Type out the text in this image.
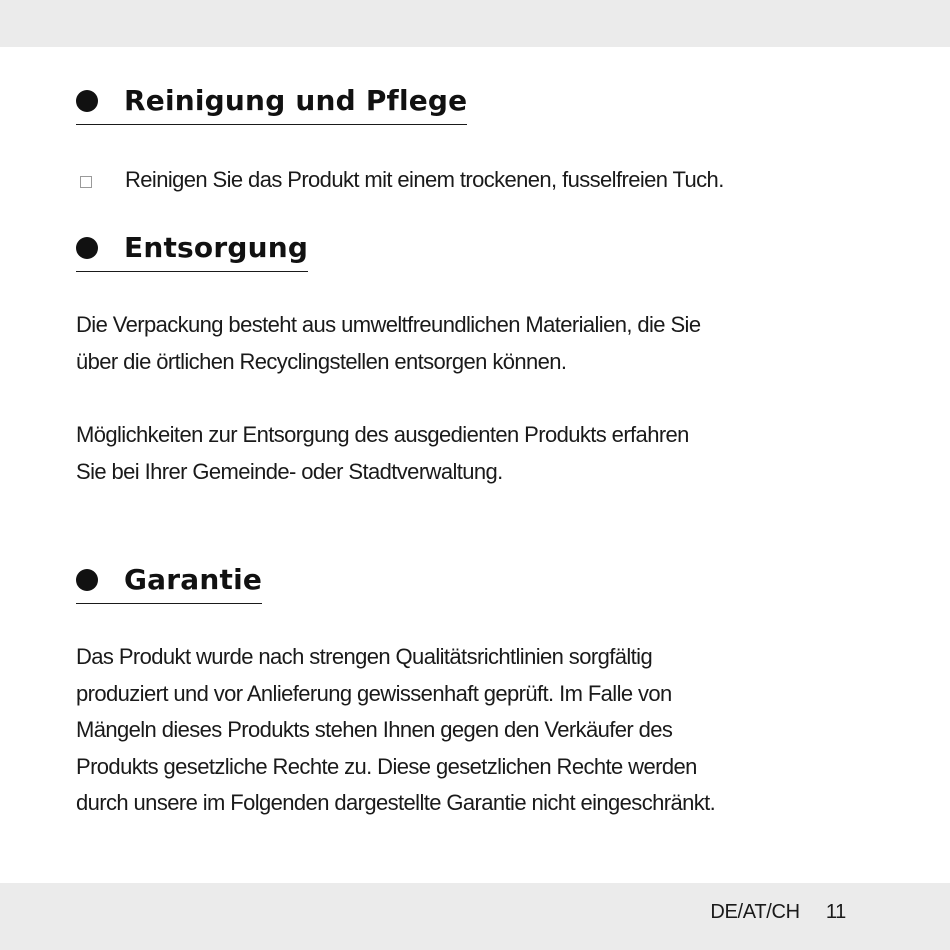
Reinigung und Pflege
Reinigen Sie das Produkt mit einem trockenen, fusselfreien Tuch.
Entsorgung
Die Verpackung besteht aus umweltfreundlichen Materialien, die Sie
über die örtlichen Recyclingstellen entsorgen können.
Möglichkeiten zur Entsorgung des ausgedienten Produkts erfahren
Sie bei Ihrer Gemeinde- oder Stadtverwaltung.
Garantie
Das Produkt wurde nach strengen Qualitätsrichtlinien sorgfältig
produziert und vor Anlieferung gewissenhaft geprüft. Im Falle von
Mängeln dieses Produkts stehen Ihnen gegen den Verkäufer des
Produkts gesetzliche Rechte zu. Diese gesetzlichen Rechte werden
durch unsere im Folgenden dargestellte Garantie nicht eingeschränkt.
DE/AT/CH 11
